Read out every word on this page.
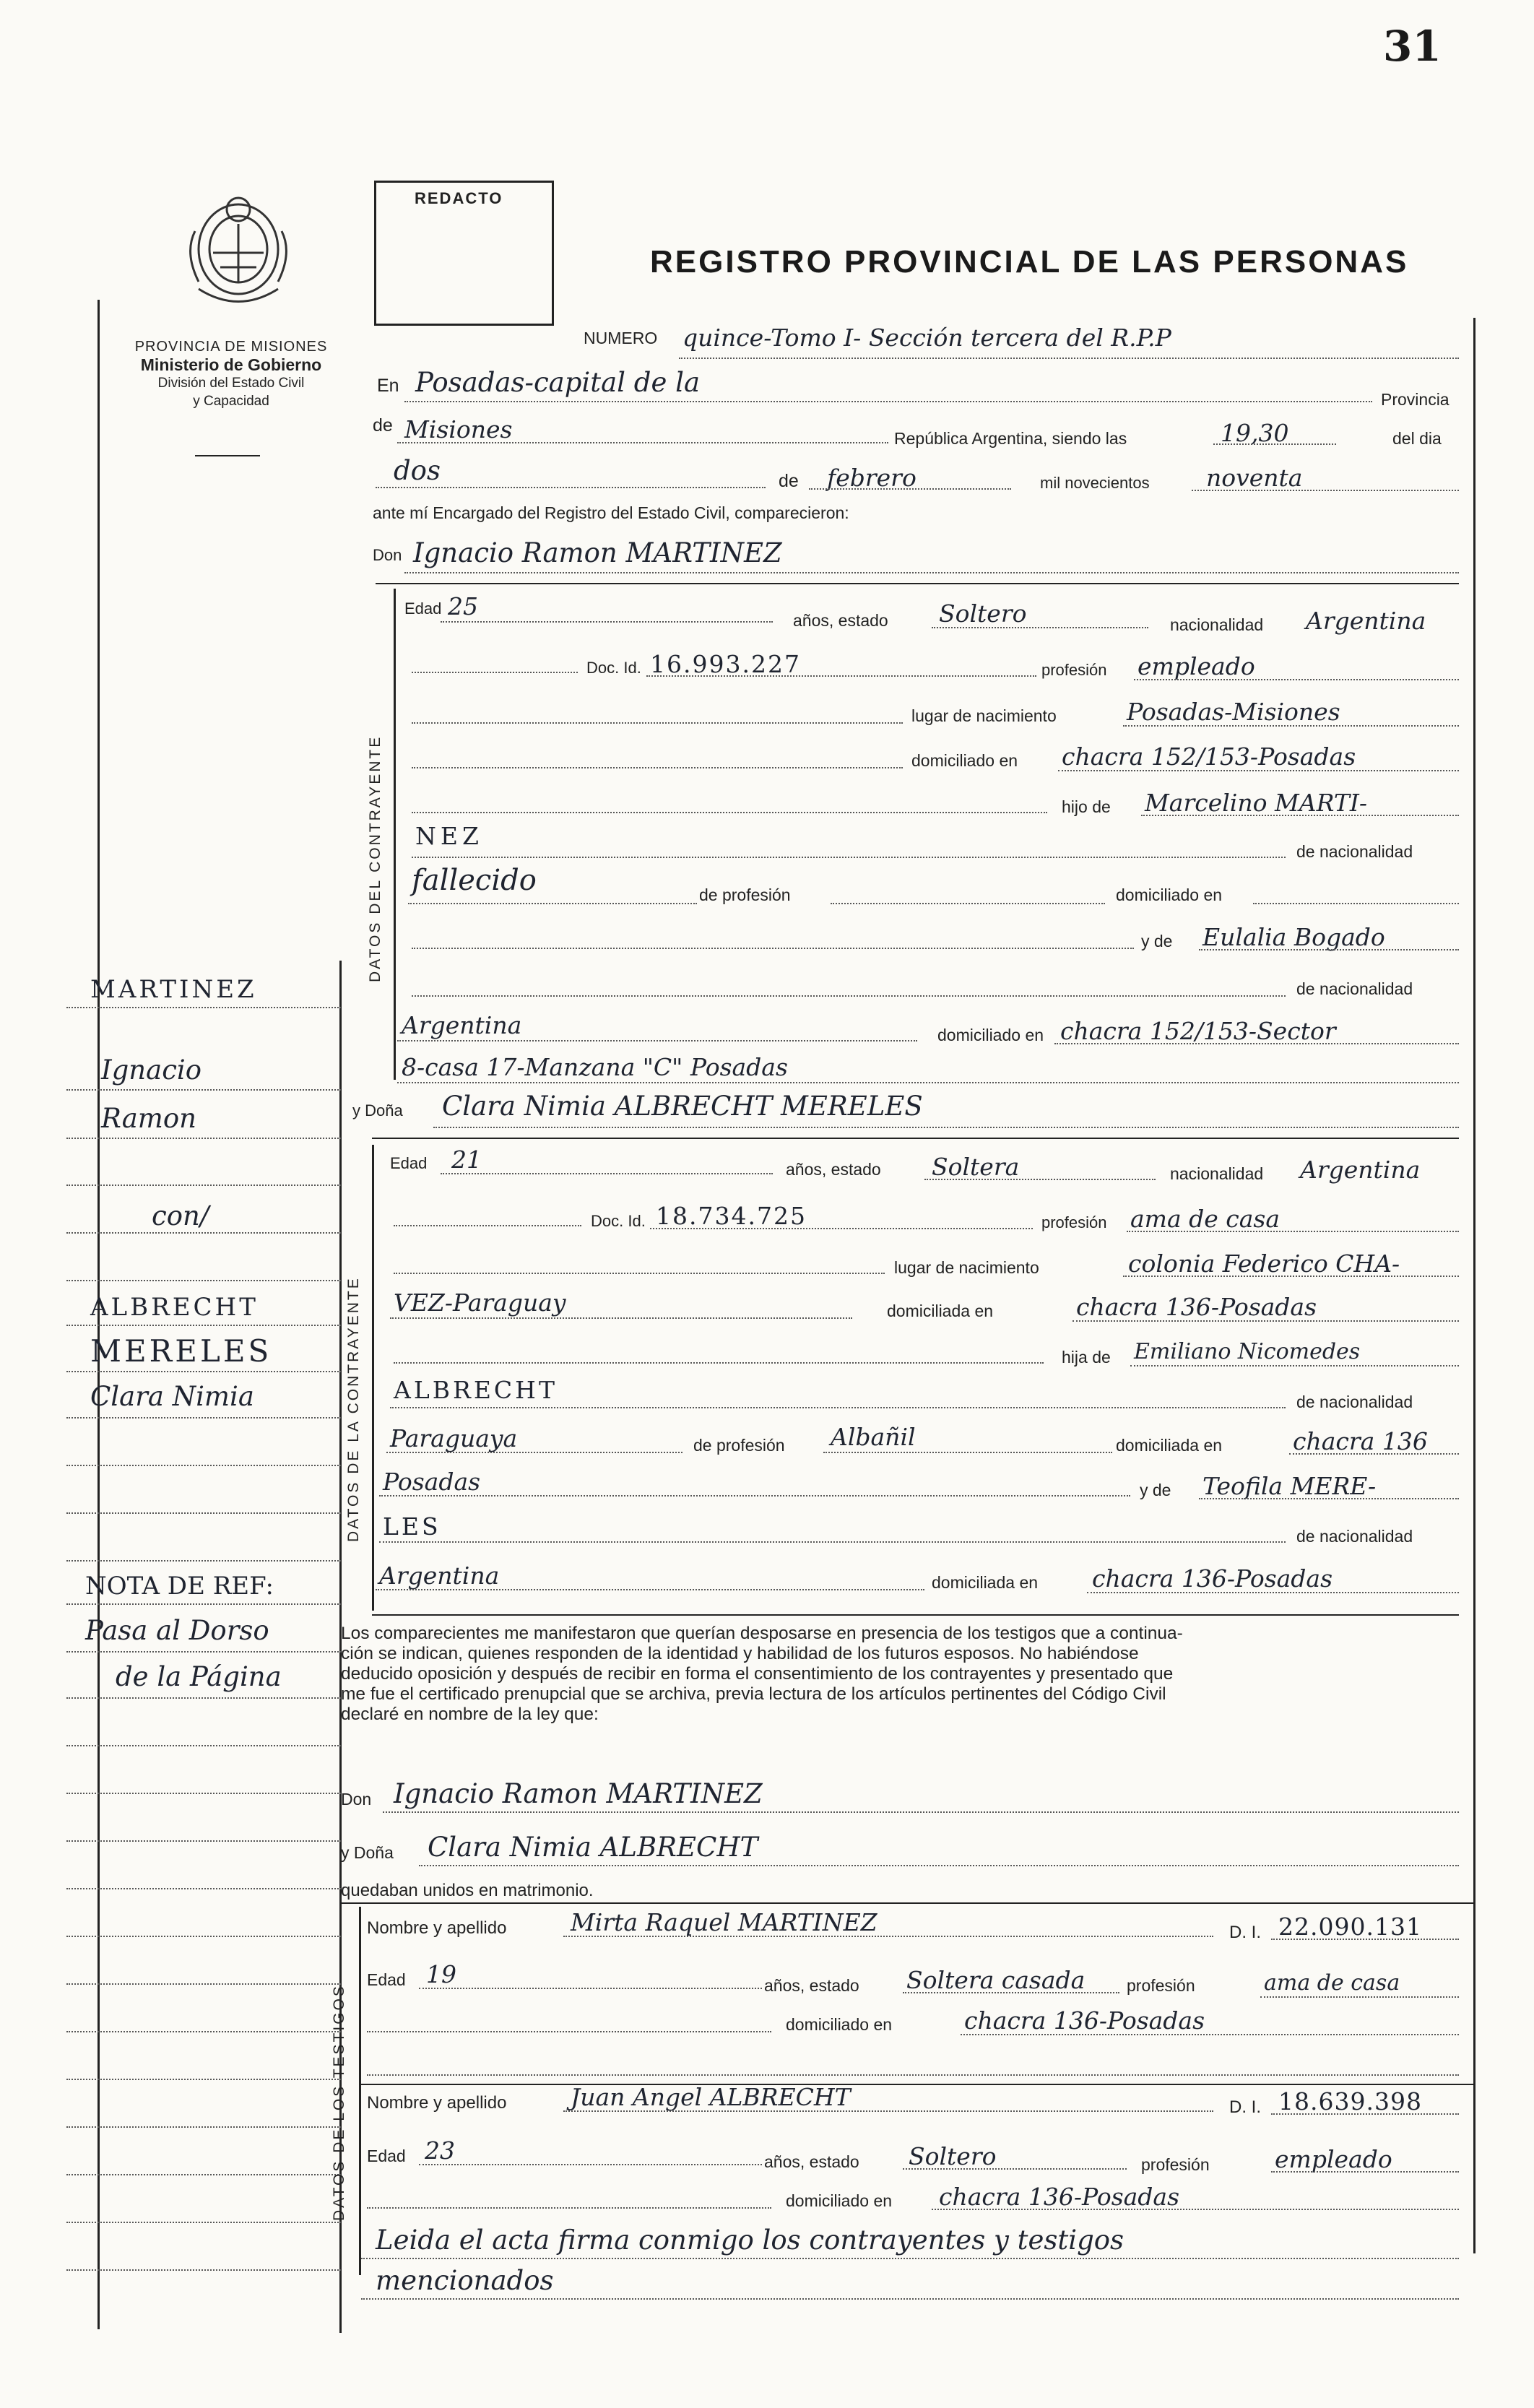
31
REDACTO
REGISTRO PROVINCIAL DE LAS PERSONAS
PROVINCIA DE MISIONES
Ministerio de Gobierno
División del Estado Civil
y Capacidad
MARTINEZ
Ignacio
Ramon
con/
ALBRECHT
MERELES
Clara Nimia
NOTA DE REF:
Pasa al Dorso
de la Página
NUMERO quince-Tomo I- Sección tercera del R.P.P
En Posadas-capital de la
Provincia
de Misiones	República Argentina, siendo las	19,30	del dia
dos	de febrero	mil novecientos noventa
ante mí Encargado del Registro del Estado Civil, comparecieron:
Don Ignacio Ramon MARTINEZ
DATOS DEL CONTRAYENTE
Edad 25	años, estado Soltero	nacionalidad Argentina
Doc. Id. 16.993.227	profesión empleado
lugar de nacimiento	Posadas-Misiones
domiciliado en chacra 152/153-Posadas
hijo de Marcelino MARTI-
NEZ
de nacionalidad
fallecido	de profesión	domiciliado en
y de Eulalia Bogado
de nacionalidad
Argentina	domiciliado en chacra 152/153-Sector
8-casa 17-Manzana "C" Posadas
y Doña Clara Nimia ALBRECHT MERELES
DATOS DE LA CONTRAYENTE
Edad 21	años, estado Soltera	nacionalidad Argentina
Doc. Id. 18.734.725	profesión ama de casa
lugar de nacimiento	colonia Federico CHA-
VEZ-Paraguay	domiciliada en	chacra 136-Posadas
hija de Emiliano Nicomedes
ALBRECHT	de nacionalidad
Paraguaya	de profesión Albañil	domiciliada en	chacra 136
Posadas	y de Teofila MERE-
LES	de nacionalidad
Argentina	domiciliada en chacra 136-Posadas
Los comparecientes me manifestaron que querían desposarse en presencia de los testigos que a continua-
ción se indican, quienes responden de la identidad y habilidad de los futuros esposos. No habiéndose
deducido oposición y después de recibir en forma el consentimiento de los contrayentes y presentado que
me fue el certificado prenupcial que se archiva, previa lectura de los artículos pertinentes del Código Civil
declaré en nombre de la ley que:
Don Ignacio Ramon MARTINEZ
y Doña Clara Nimia ALBRECHT
quedaban unidos en matrimonio.
DATOS DE LOS TESTIGOS
Nombre y apellido	Mirta Raquel MARTINEZ	D. I. 22.090.131
Edad 19	años, estado Soltera casada	profesión	ama de casa
domiciliado en	chacra 136-Posadas
Nombre y apellido	Juan Angel ALBRECHT	D. I. 18.639.398
Edad 23	años, estado Soltero	profesión	empleado
domiciliado en chacra 136-Posadas
Leida el acta firma conmigo los contrayentes y testigos
mencionados
